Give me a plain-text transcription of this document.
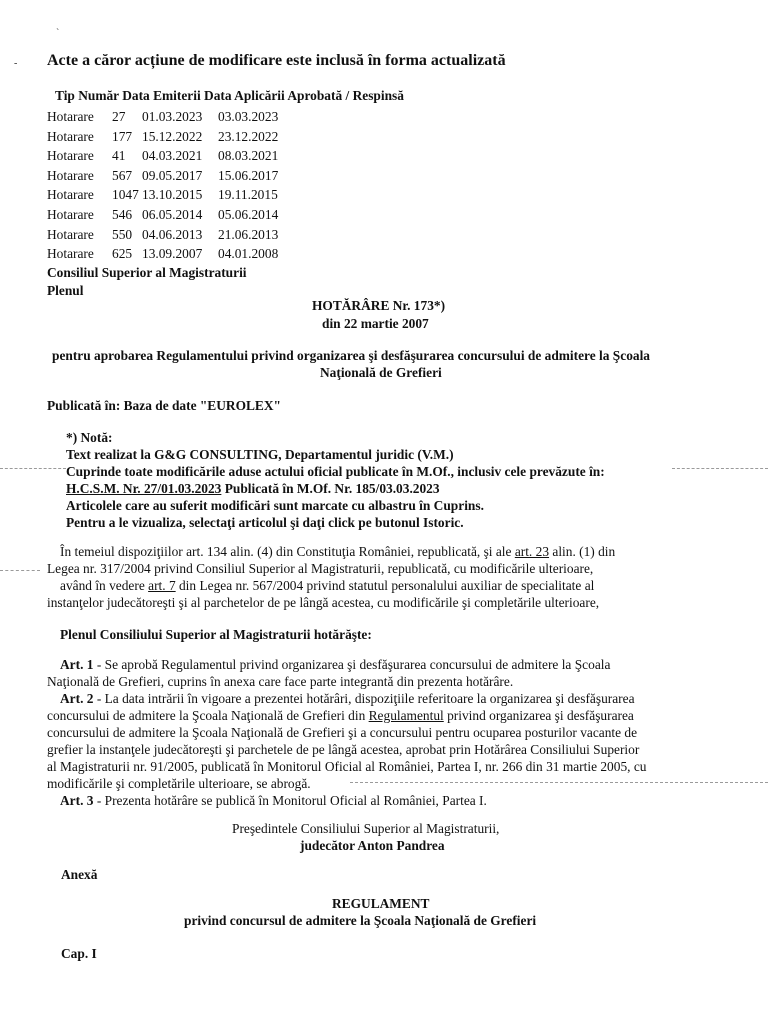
`
- Acte a căror acțiune de modificare este inclusă în forma actualizată
Tip Număr Data Emiterii Data Aplicării Aprobată / Respinsă
Hotarare 27 01.03.2023 03.03.2023
Hotarare 177 15.12.2022 23.12.2022
Hotarare 41 04.03.2021 08.03.2021
Hotarare 567 09.05.2017 15.06.2017
Hotarare 1047 13.10.2015 19.11.2015
Hotarare 546 06.05.2014 05.06.2014
Hotarare 550 04.06.2013 21.06.2013
Hotarare 625 13.09.2007 04.01.2008
Consiliul Superior al Magistraturii
Plenul
HOTĂRÂRE Nr. 173*)
din 22 martie 2007
pentru aprobarea Regulamentului privind organizarea şi desfăşurarea concursului de admitere la Şcoala
Naţională de Grefieri
Publicată în: Baza de date "EUROLEX"
*) Notă:
Text realizat la G&G CONSULTING, Departamentul juridic (V.M.)
Cuprinde toate modificările aduse actului oficial publicate în M.Of., inclusiv cele prevăzute în:
H.C.S.M. Nr. 27/01.03.2023 Publicată în M.Of. Nr. 185/03.03.2023
Articolele care au suferit modificări sunt marcate cu albastru în Cuprins.
Pentru a le vizualiza, selectaţi articolul şi daţi click pe butonul Istoric.
În temeiul dispoziţiilor art. 134 alin. (4) din Constituţia României, republicată, şi ale art. 23 alin. (1) din
Legea nr. 317/2004 privind Consiliul Superior al Magistraturii, republicată, cu modificările ulterioare,
având în vedere art. 7 din Legea nr. 567/2004 privind statutul personalului auxiliar de specialitate al
instanţelor judecătoreşti şi al parchetelor de pe lângă acestea, cu modificările şi completările ulterioare,
Plenul Consiliului Superior al Magistraturii hotărăşte:
Art. 1 - Se aprobă Regulamentul privind organizarea şi desfăşurarea concursului de admitere la Şcoala
Naţională de Grefieri, cuprins în anexa care face parte integrantă din prezenta hotărâre.
Art. 2 - La data intrării în vigoare a prezentei hotărâri, dispoziţiile referitoare la organizarea şi desfăşurarea
concursului de admitere la Şcoala Naţională de Grefieri din Regulamentul privind organizarea şi desfăşurarea
concursului de admitere la Şcoala Naţională de Grefieri şi a concursului pentru ocuparea posturilor vacante de
grefier la instanţele judecătoreşti şi parchetele de pe lângă acestea, aprobat prin Hotărârea Consiliului Superior
al Magistraturii nr. 91/2005, publicată în Monitorul Oficial al României, Partea I, nr. 266 din 31 martie 2005, cu
modificările şi completările ulterioare, se abrogă.
Art. 3 - Prezenta hotărâre se publică în Monitorul Oficial al României, Partea I.
Preşedintele Consiliului Superior al Magistraturii,
judecător Anton Pandrea
Anexă
REGULAMENT
privind concursul de admitere la Şcoala Naţională de Grefieri
Cap. I
